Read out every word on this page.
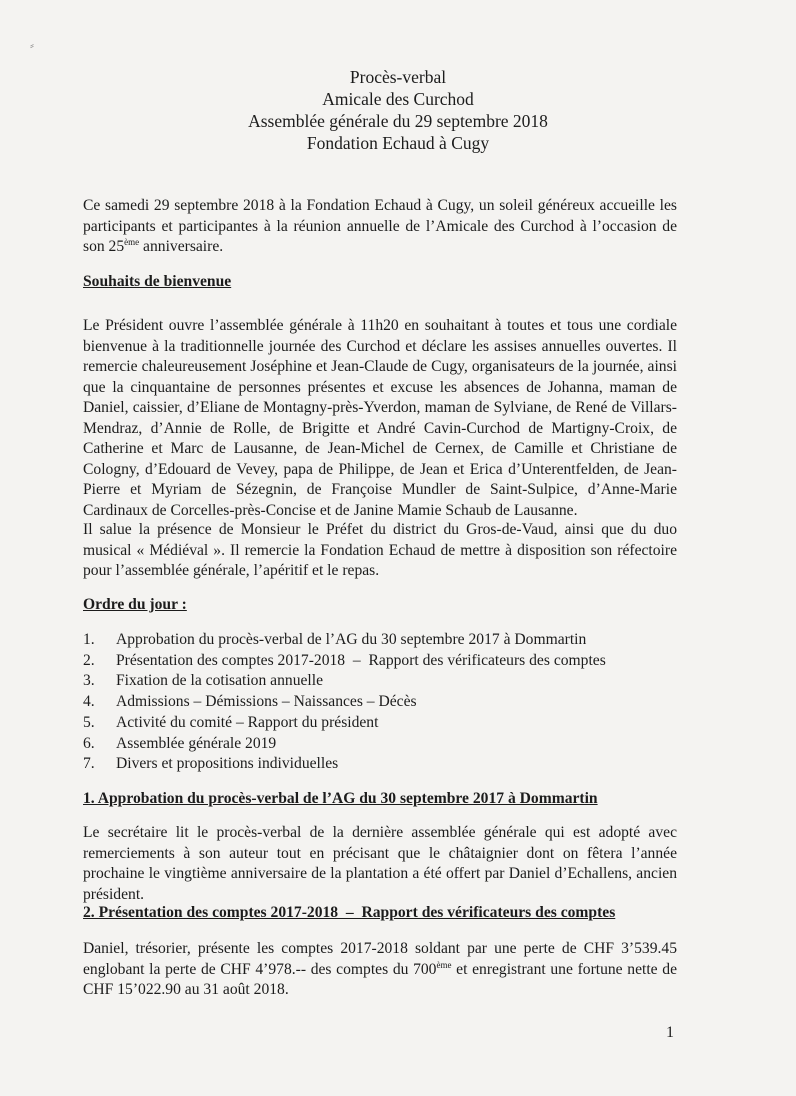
⸗
Procès-verbal
Amicale des Curchod
Assemblée générale du 29 septembre 2018
Fondation Echaud à Cugy
Ce samedi 29 septembre 2018 à la Fondation Echaud à Cugy, un soleil généreux accueille les participants et participantes à la réunion annuelle de l’Amicale des Curchod à l’occasion de son 25ème anniversaire.
Souhaits de bienvenue
Le Président ouvre l’assemblée générale à 11h20 en souhaitant à toutes et tous une cordiale bienvenue à la traditionnelle journée des Curchod et déclare les assises annuelles ouvertes. Il remercie chaleureusement Joséphine et Jean-Claude de Cugy, organisateurs de la journée, ainsi que la cinquantaine de personnes présentes et excuse les absences de Johanna, maman de Daniel, caissier, d’Eliane de Montagny-près-Yverdon, maman de Sylviane, de René de Villars-Mendraz, d’Annie de Rolle, de Brigitte et André Cavin-Curchod de Martigny-Croix, de Catherine et Marc de Lausanne, de Jean-Michel de Cernex, de Camille et Christiane de Cologny, d’Edouard de Vevey, papa de Philippe, de Jean et Erica d’Unterentfelden, de Jean-Pierre et Myriam de Sézegnin, de Françoise Mundler de Saint-Sulpice, d’Anne-Marie Cardinaux de Corcelles-près-Concise et de Janine Mamie Schaub de Lausanne.
Il salue la présence de Monsieur le Préfet du district du Gros-de-Vaud, ainsi que du duo musical « Médiéval ». Il remercie la Fondation Echaud de mettre à disposition son réfectoire pour l’assemblée générale, l’apéritif et le repas.
Ordre du jour :
1.	Approbation du procès-verbal de l’AG du 30 septembre 2017 à Dommartin
2.	Présentation des comptes 2017-2018  –  Rapport des vérificateurs des comptes
3.	Fixation de la cotisation annuelle
4.	Admissions – Démissions – Naissances – Décès
5.	Activité du comité – Rapport du président
6.	Assemblée générale 2019
7.	Divers et propositions individuelles
1. Approbation du procès-verbal de l’AG du 30 septembre 2017 à Dommartin
Le secrétaire lit le procès-verbal de la dernière assemblée générale qui est adopté avec remerciements à son auteur tout en précisant que le châtaignier dont on fêtera l’année prochaine le vingtième anniversaire de la plantation a été offert par Daniel d’Echallens, ancien président.
2. Présentation des comptes 2017-2018  –  Rapport des vérificateurs des comptes
Daniel, trésorier, présente les comptes 2017-2018 soldant par une perte de CHF 3’539.45 englobant la perte de CHF 4’978.-- des comptes du 700ème et enregistrant une fortune nette de CHF 15’022.90 au 31 août 2018.
1
